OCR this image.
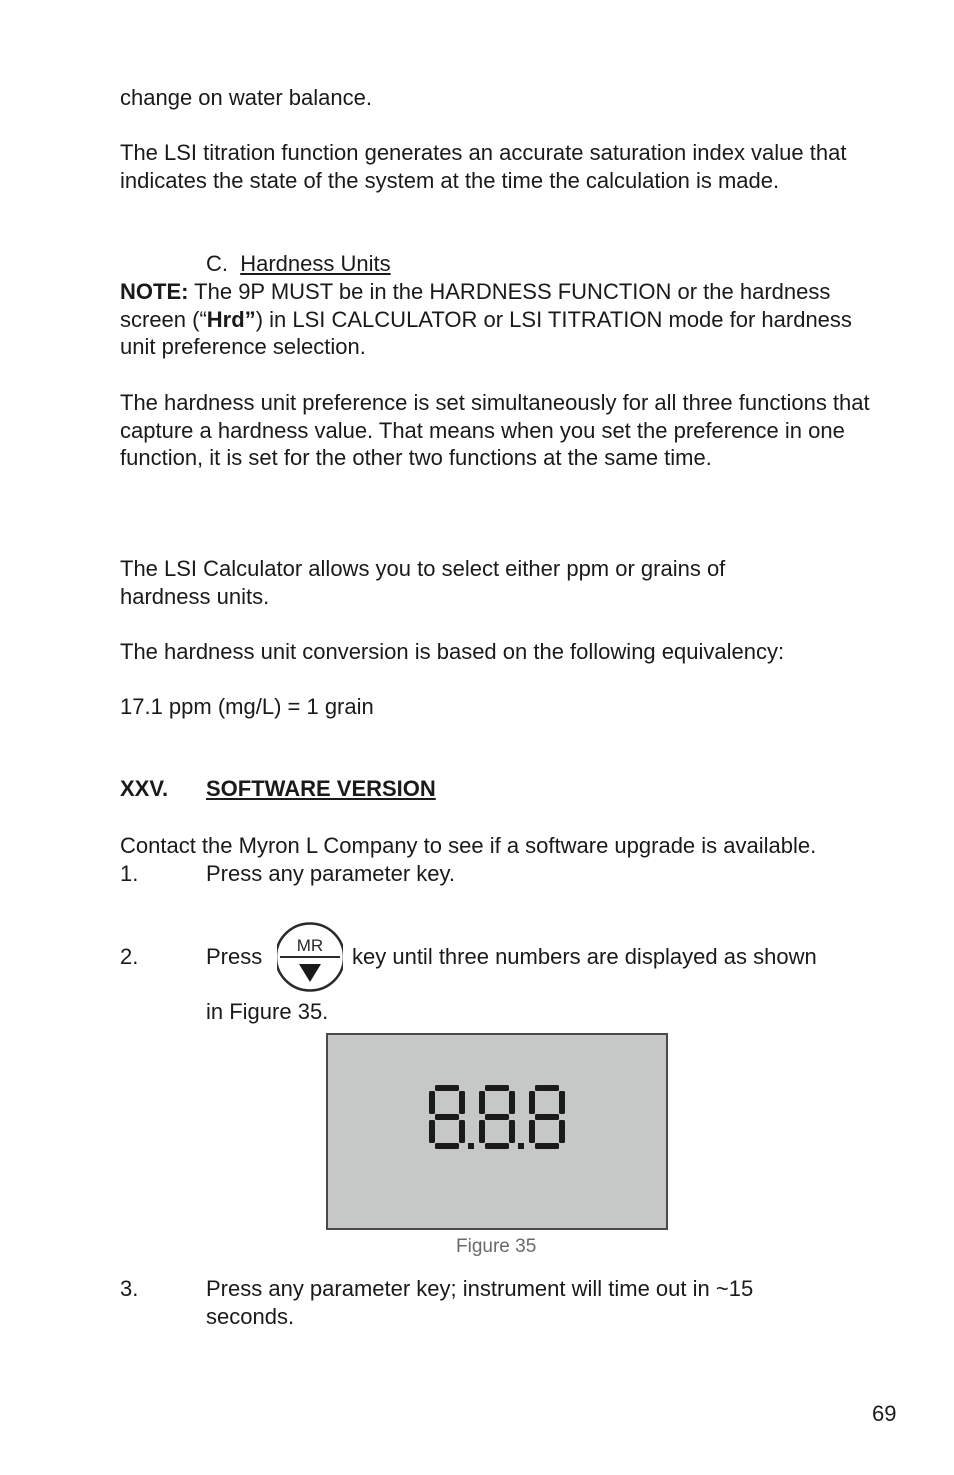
change on water balance.

The LSI titration function generates an accurate saturation index value that indicates the state of the system at the time the calculation is made.

C. Hardness Units

NOTE: The 9P MUST be in the HARDNESS FUNCTION or the hardness screen (“Hrd”) in LSI CALCULATOR or LSI TITRATION mode for hardness unit preference selection.

The hardness unit preference is set simultaneously for all three functions that capture a hardness value. That means when you set the preference in one function, it is set for the other two functions at the same time.

The LSI Calculator allows you to select either ppm or grains of hardness units.

The hardness unit conversion is based on the following equivalency:

17.1 ppm (mg/L) = 1 grain

XXV. SOFTWARE VERSION

Contact the Myron L Company to see if a software upgrade is available.

1.	Press any parameter key.
2.	Press MR key until three numbers are displayed as shown
in Figure 35.
Figure 35
3.	Press any parameter key; instrument will time out in ~15 seconds.
69
